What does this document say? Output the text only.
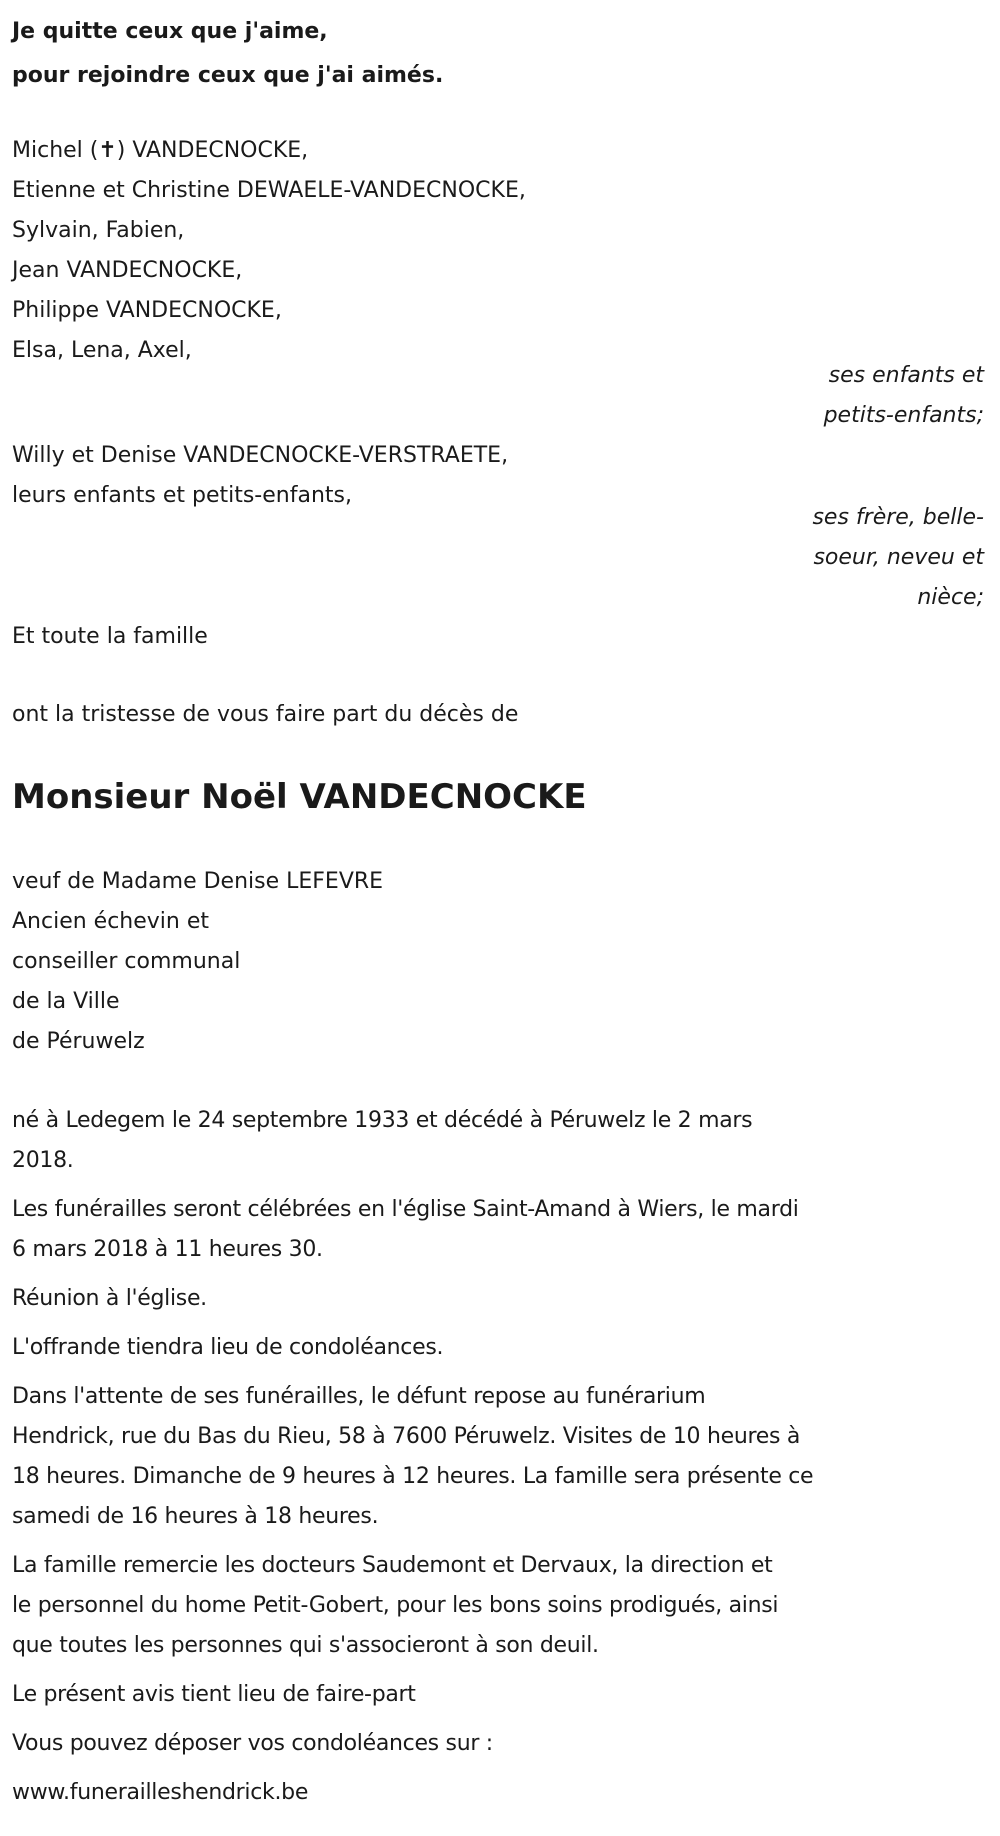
Je quitte ceux que j'aime,
pour rejoindre ceux que j'ai aimés.
Michel (✝) VANDECNOCKE,
Etienne et Christine DEWAELE-VANDECNOCKE,
Sylvain, Fabien,
Jean VANDECNOCKE,
Philippe VANDECNOCKE,
Elsa, Lena, Axel,
ses enfants et
petits-enfants;
Willy et Denise VANDECNOCKE-VERSTRAETE,
leurs enfants et petits-enfants,
ses frère, belle-
soeur, neveu et
nièce;
Et toute la famille
ont la tristesse de vous faire part du décès de
Monsieur Noël VANDECNOCKE
veuf de Madame Denise LEFEVRE
Ancien échevin et
conseiller communal
de la Ville
de Péruwelz
né à Ledegem le 24 septembre 1933 et décédé à Péruwelz le 2 mars
2018.
Les funérailles seront célébrées en l'église Saint-Amand à Wiers, le mardi
6 mars 2018 à 11 heures 30.
Réunion à l'église.
L'offrande tiendra lieu de condoléances.
Dans l'attente de ses funérailles, le défunt repose au funérarium
Hendrick, rue du Bas du Rieu, 58 à 7600 Péruwelz. Visites de 10 heures à
18 heures. Dimanche de 9 heures à 12 heures. La famille sera présente ce
samedi de 16 heures à 18 heures.
La famille remercie les docteurs Saudemont et Dervaux, la direction et
le personnel du home Petit-Gobert, pour les bons soins prodigués, ainsi
que toutes les personnes qui s'associeront à son deuil.
Le présent avis tient lieu de faire-part
Vous pouvez déposer vos condoléances sur :
www.funerailleshendrick.be
